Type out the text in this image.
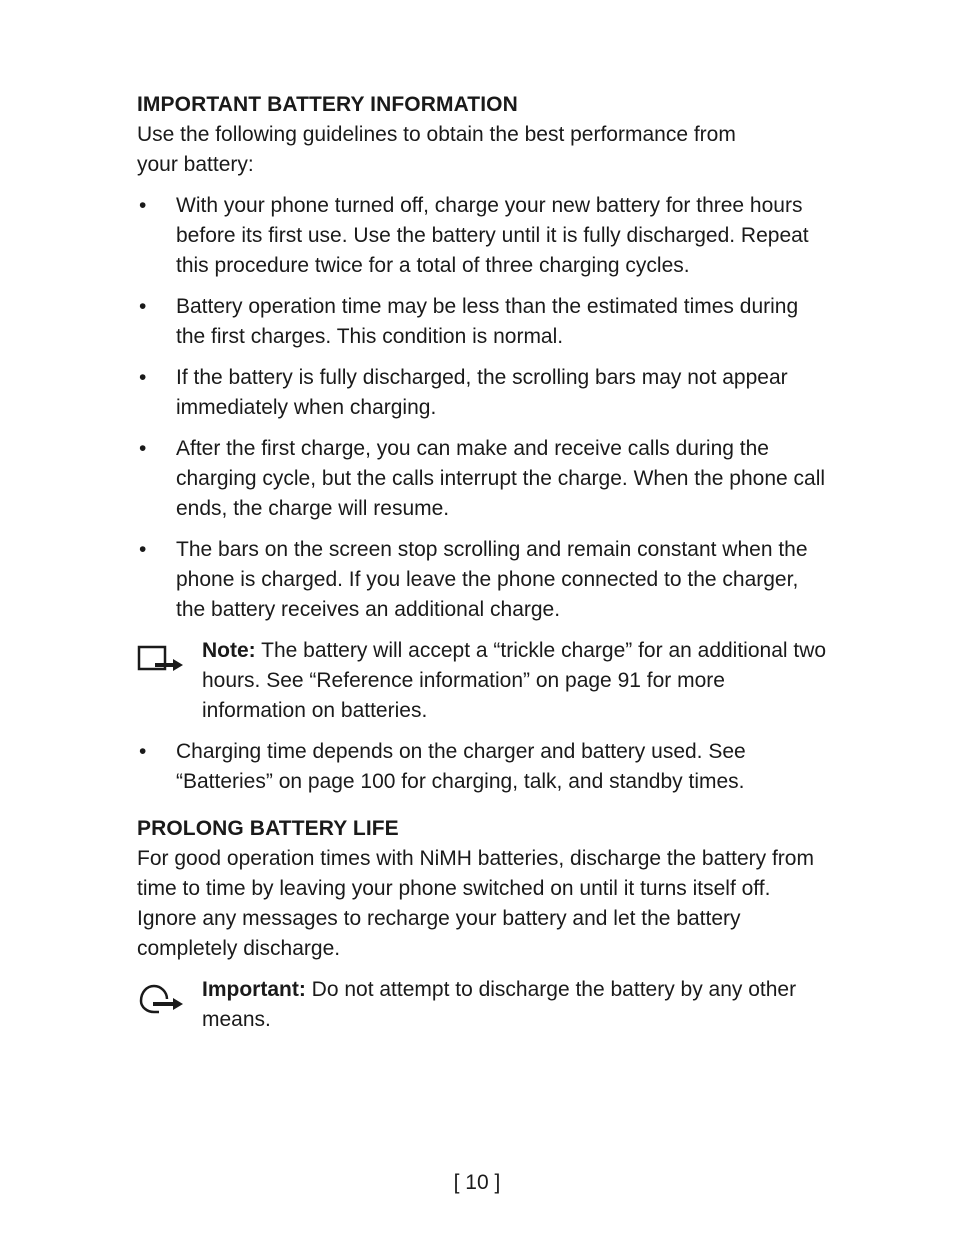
IMPORTANT BATTERY INFORMATION

Use the following guidelines to obtain the best performance from
your battery:

• With your phone turned off, charge your new battery for three hours before its first use. Use the battery until it is fully discharged. Repeat this procedure twice for a total of three charging cycles.

• Battery operation time may be less than the estimated times during the first charges. This condition is normal.

• If the battery is fully discharged, the scrolling bars may not appear immediately when charging.

• After the first charge, you can make and receive calls during the charging cycle, but the calls interrupt the charge. When the phone call ends, the charge will resume.

• The bars on the screen stop scrolling and remain constant when the phone is charged. If you leave the phone connected to the charger, the battery receives an additional charge.

Note: The battery will accept a “trickle charge” for an additional two hours. See “Reference information” on page 91 for more information on batteries.

• Charging time depends on the charger and battery used. See “Batteries” on page 100 for charging, talk, and standby times.

PROLONG BATTERY LIFE

For good operation times with NiMH batteries, discharge the battery from time to time by leaving your phone switched on until it turns itself off. Ignore any messages to recharge your battery and let the battery completely discharge.

Important: Do not attempt to discharge the battery by any other means.
[ 10 ]
